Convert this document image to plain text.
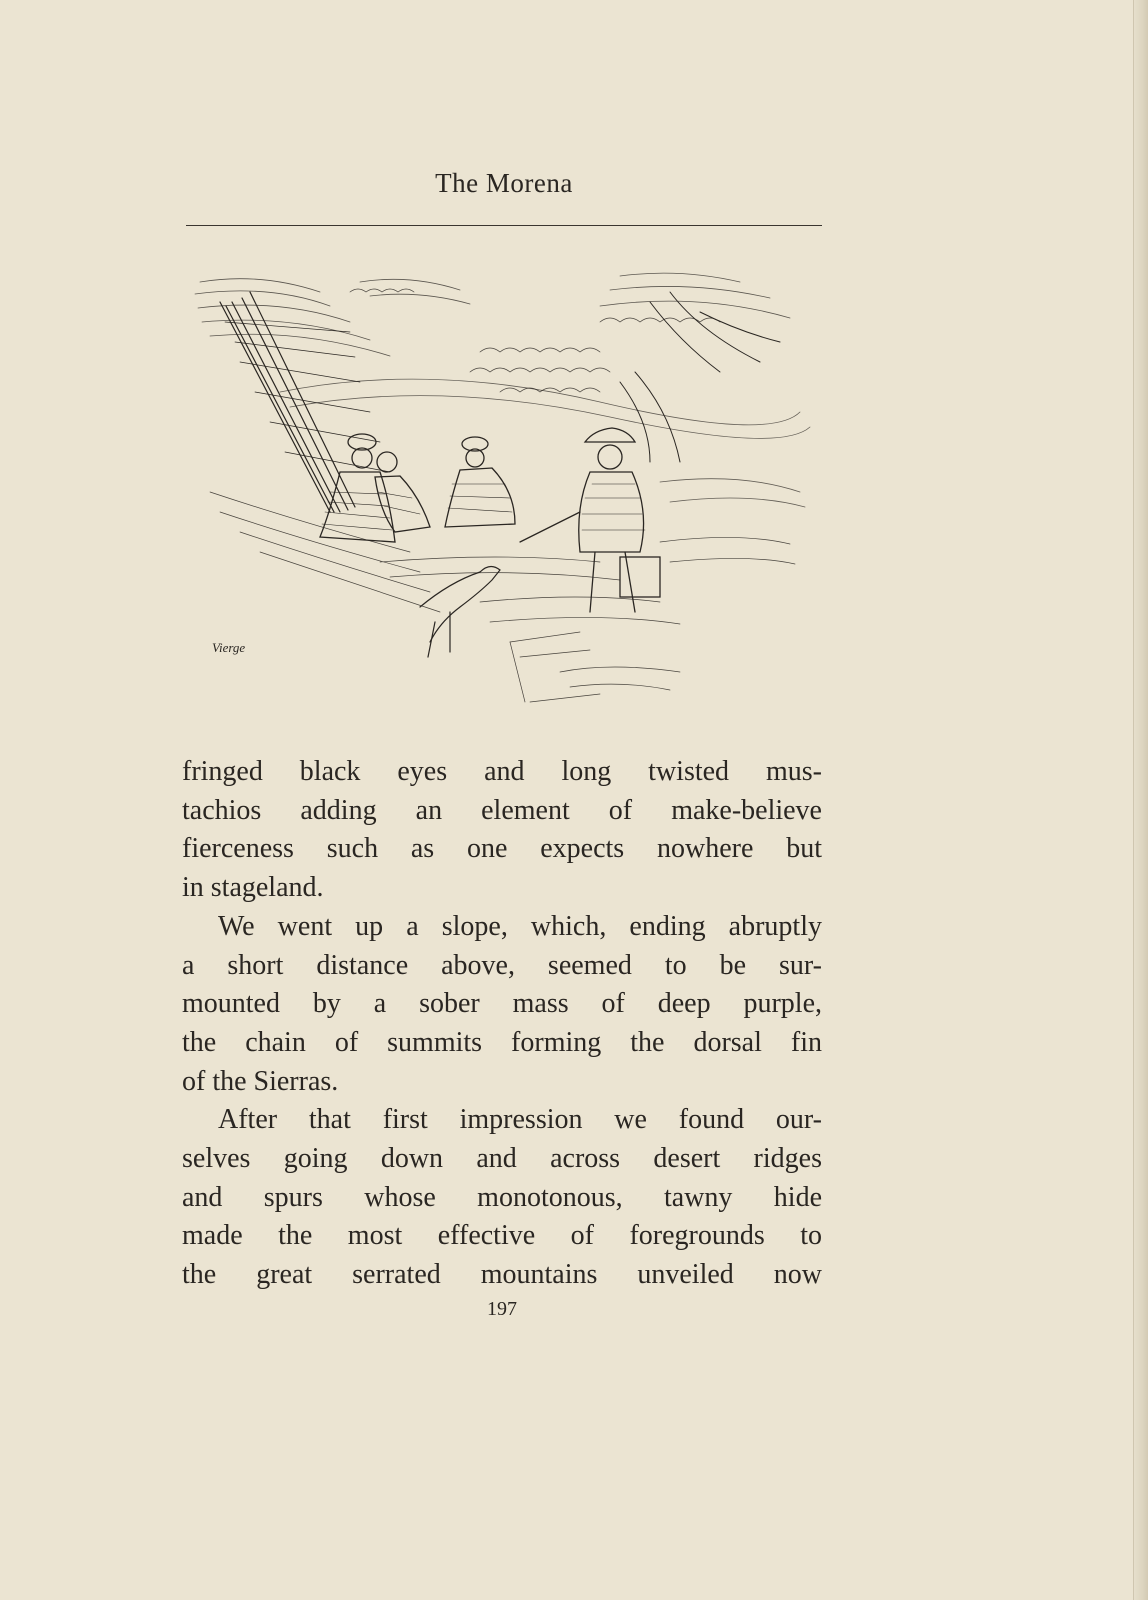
The Morena
Vierge

fringed black eyes and long twisted mus-
tachios adding an element of make-believe
fierceness such as one expects nowhere but
in stageland.

We went up a slope, which, ending abruptly
a short distance above, seemed to be sur-
mounted by a sober mass of deep purple,
the chain of summits forming the dorsal fin
of the Sierras.

After that first impression we found our-
selves going down and across desert ridges
and spurs whose monotonous, tawny hide
made the most effective of foregrounds to
the great serrated mountains unveiled now

197
